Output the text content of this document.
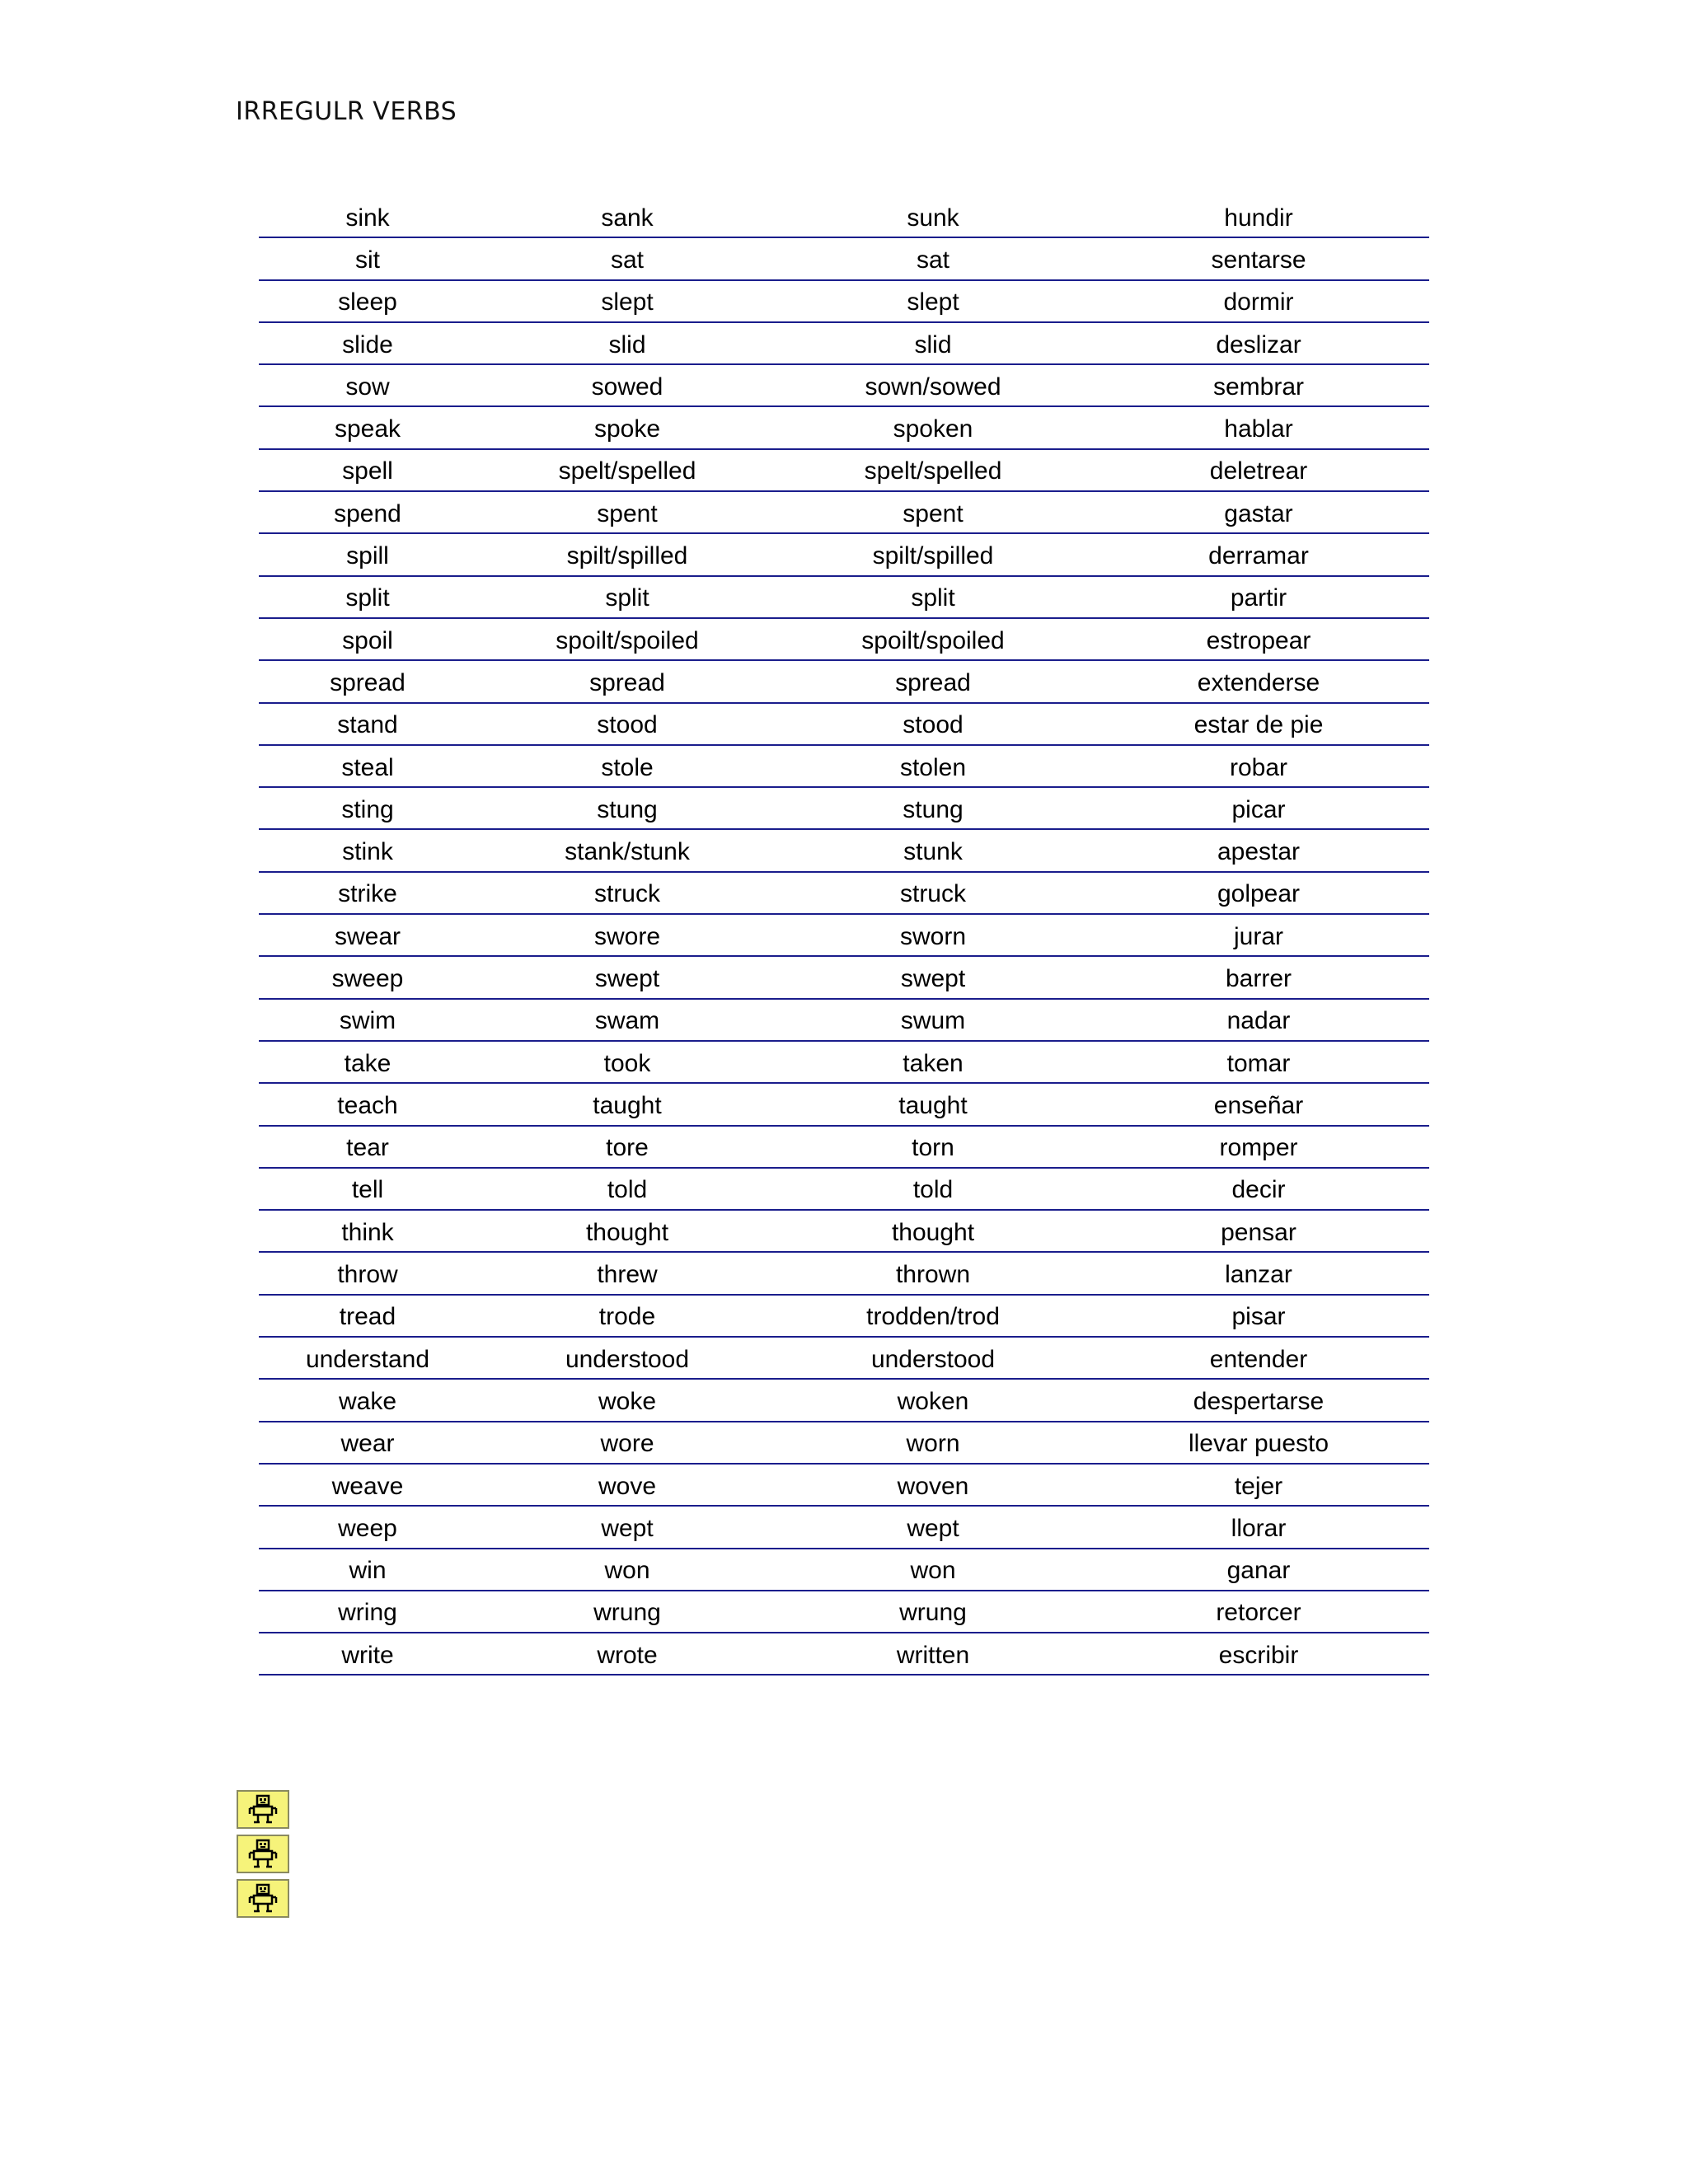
IRREGULR VERBS
sink	sank	sunk	hundir
sit	sat	sat	sentarse
sleep	slept	slept	dormir
slide	slid	slid	deslizar
sow	sowed	sown/sowed	sembrar
speak	spoke	spoken	hablar
spell	spelt/spelled	spelt/spelled	deletrear
spend	spent	spent	gastar
spill	spilt/spilled	spilt/spilled	derramar
split	split	split	partir
spoil	spoilt/spoiled	spoilt/spoiled	estropear
spread	spread	spread	extenderse
stand	stood	stood	estar de pie
steal	stole	stolen	robar
sting	stung	stung	picar
stink	stank/stunk	stunk	apestar
strike	struck	struck	golpear
swear	swore	sworn	jurar
sweep	swept	swept	barrer
swim	swam	swum	nadar
take	took	taken	tomar
teach	taught	taught	enseñar
tear	tore	torn	romper
tell	told	told	decir
think	thought	thought	pensar
throw	threw	thrown	lanzar
tread	trode	trodden/trod	pisar
understand	understood	understood	entender
wake	woke	woken	despertarse
wear	wore	worn	llevar puesto
weave	wove	woven	tejer
weep	wept	wept	llorar
win	won	won	ganar
wring	wrung	wrung	retorcer
write	wrote	written	escribir
